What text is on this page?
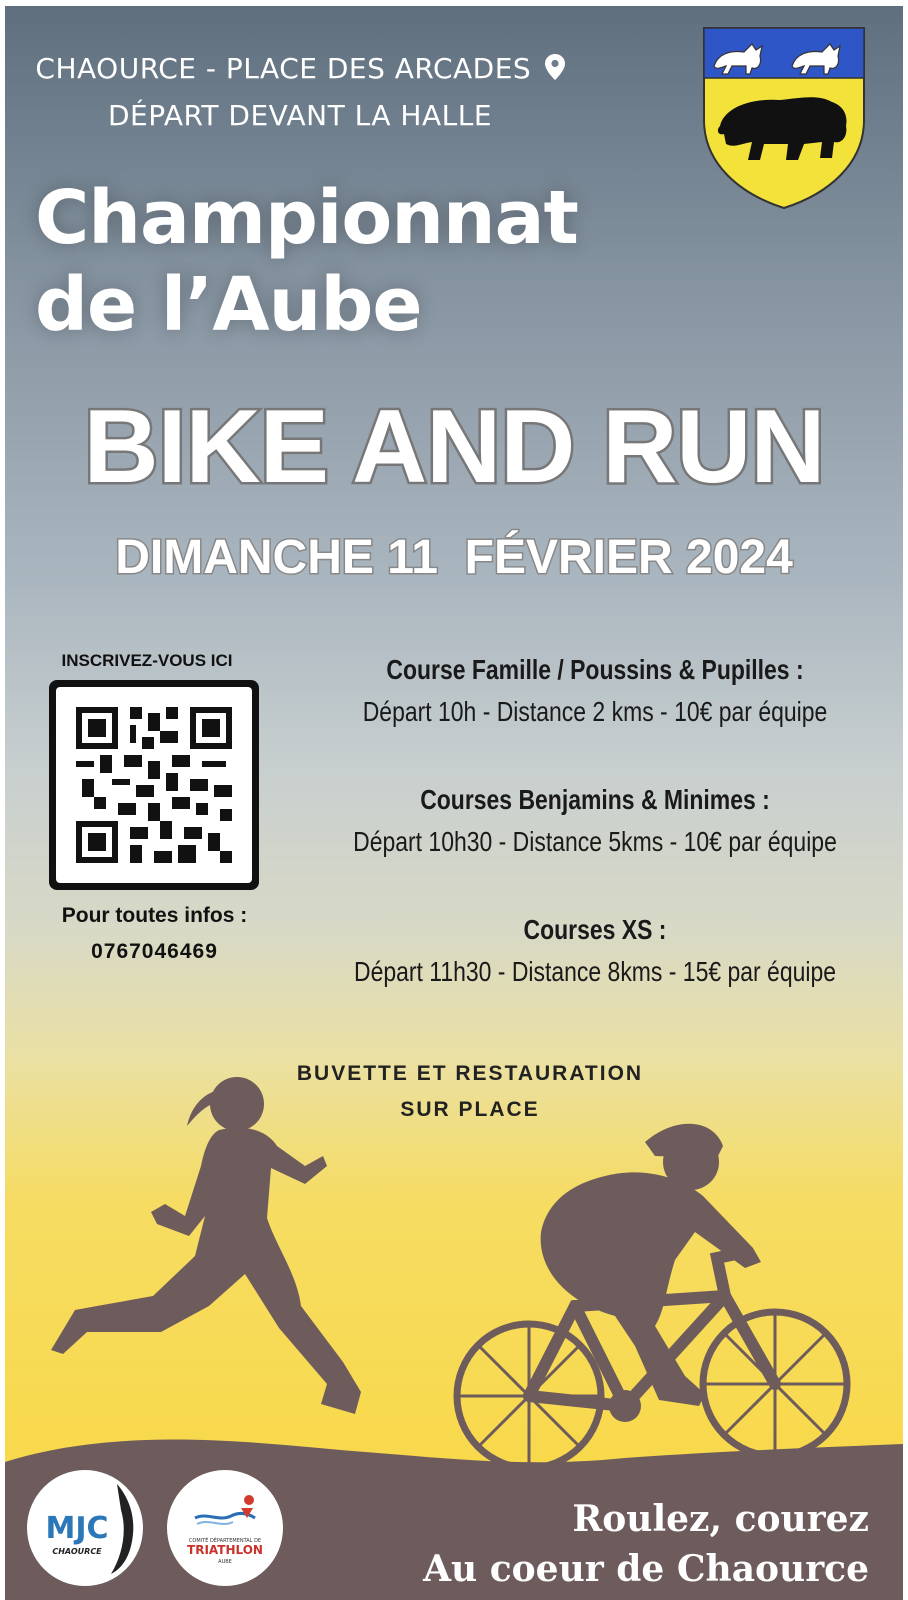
CHAOURCE - PLACE DES ARCADES
DÉPART DEVANT LA HALLE
Championnat
de l’Aube
BIKE AND RUN
DIMANCHE 11  FÉVRIER 2024
INSCRIVEZ-VOUS ICI
Pour toutes infos :
0767046469
Course Famille / Poussins & Pupilles :
Départ 10h - Distance 2 kms - 10€ par équipe
Courses Benjamins & Minimes :
Départ 10h30 - Distance 5kms - 10€ par équipe
Courses XS :
Départ 11h30 - Distance 8kms - 15€ par équipe
BUVETTE ET RESTAURATION
SUR PLACE
MJC
CHAOURCE
COMITÉ DÉPARTEMENTAL DE
TRIATHLON
AUBE
Roulez, courez
Au coeur de Chaource
